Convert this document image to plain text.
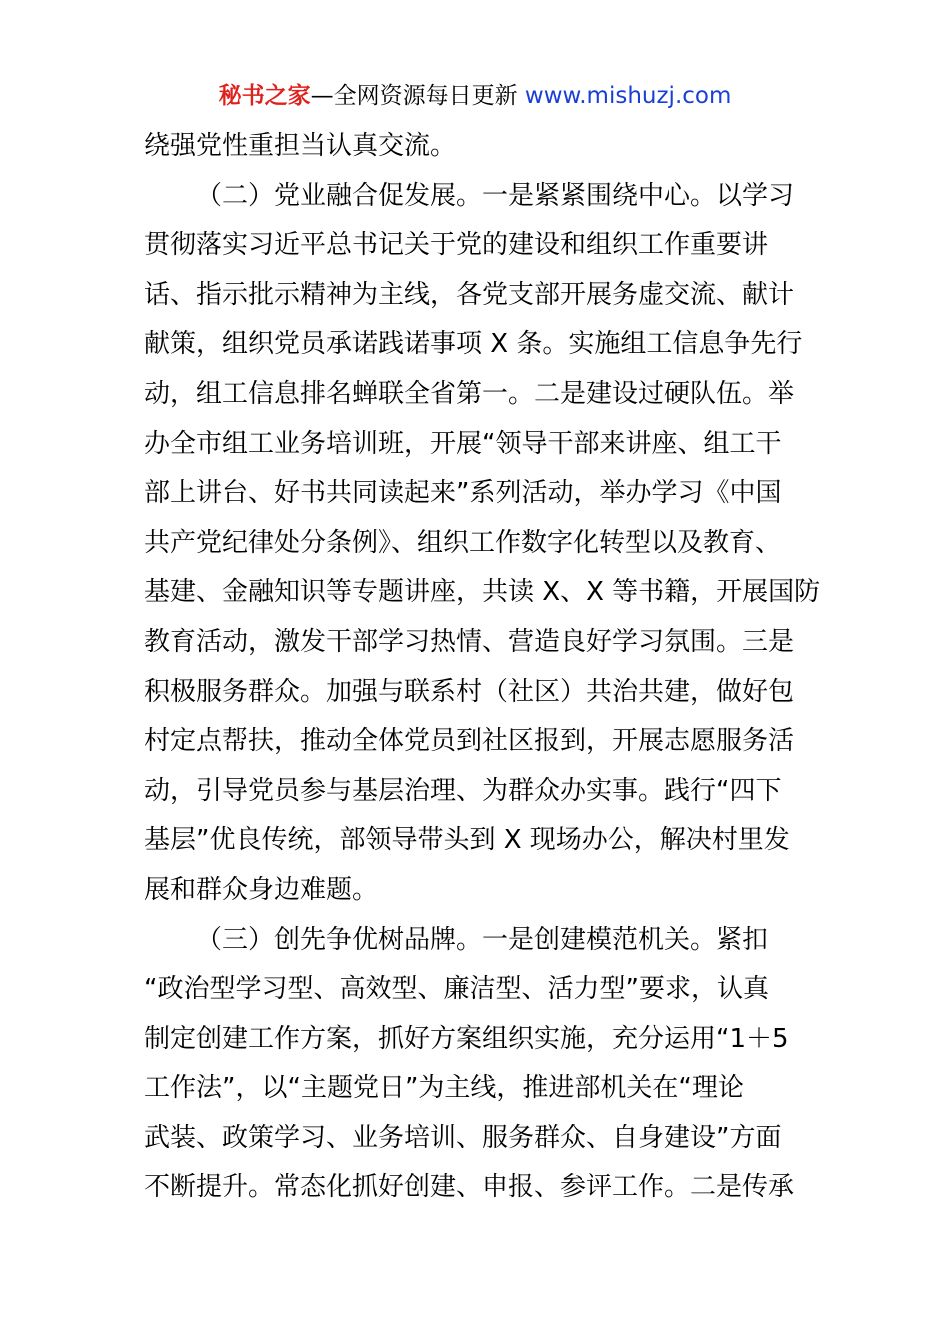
秘书之家—全网资源每日更新 www.mishuzj.com
绕强党性重担当认真交流。
（二）党业融合促发展。一是紧紧围绕中心。以学习
贯彻落实习近平总书记关于党的建设和组织工作重要讲
话、指示批示精神为主线，各党支部开展务虚交流、献计
献策，组织党员承诺践诺事项 X 条。实施组工信息争先行
动，组工信息排名蝉联全省第一。二是建设过硬队伍。举
办全市组工业务培训班，开展“领导干部来讲座、组工干
部上讲台、好书共同读起来”系列活动，举办学习《中国
共产党纪律处分条例》、组织工作数字化转型以及教育、
基建、金融知识等专题讲座，共读 X、X 等书籍，开展国防
教育活动，激发干部学习热情、营造良好学习氛围。三是
积极服务群众。加强与联系村（社区）共治共建，做好包
村定点帮扶，推动全体党员到社区报到，开展志愿服务活
动，引导党员参与基层治理、为群众办实事。践行“四下
基层”优良传统，部领导带头到 X 现场办公，解决村里发
展和群众身边难题。
（三）创先争优树品牌。一是创建模范机关。紧扣
“政治型学习型、高效型、廉洁型、活力型”要求，认真
制定创建工作方案，抓好方案组织实施，充分运用“1＋5
工作法”，以“主题党日”为主线，推进部机关在“理论
武装、政策学习、业务培训、服务群众、自身建设”方面
不断提升。常态化抓好创建、申报、参评工作。二是传承
